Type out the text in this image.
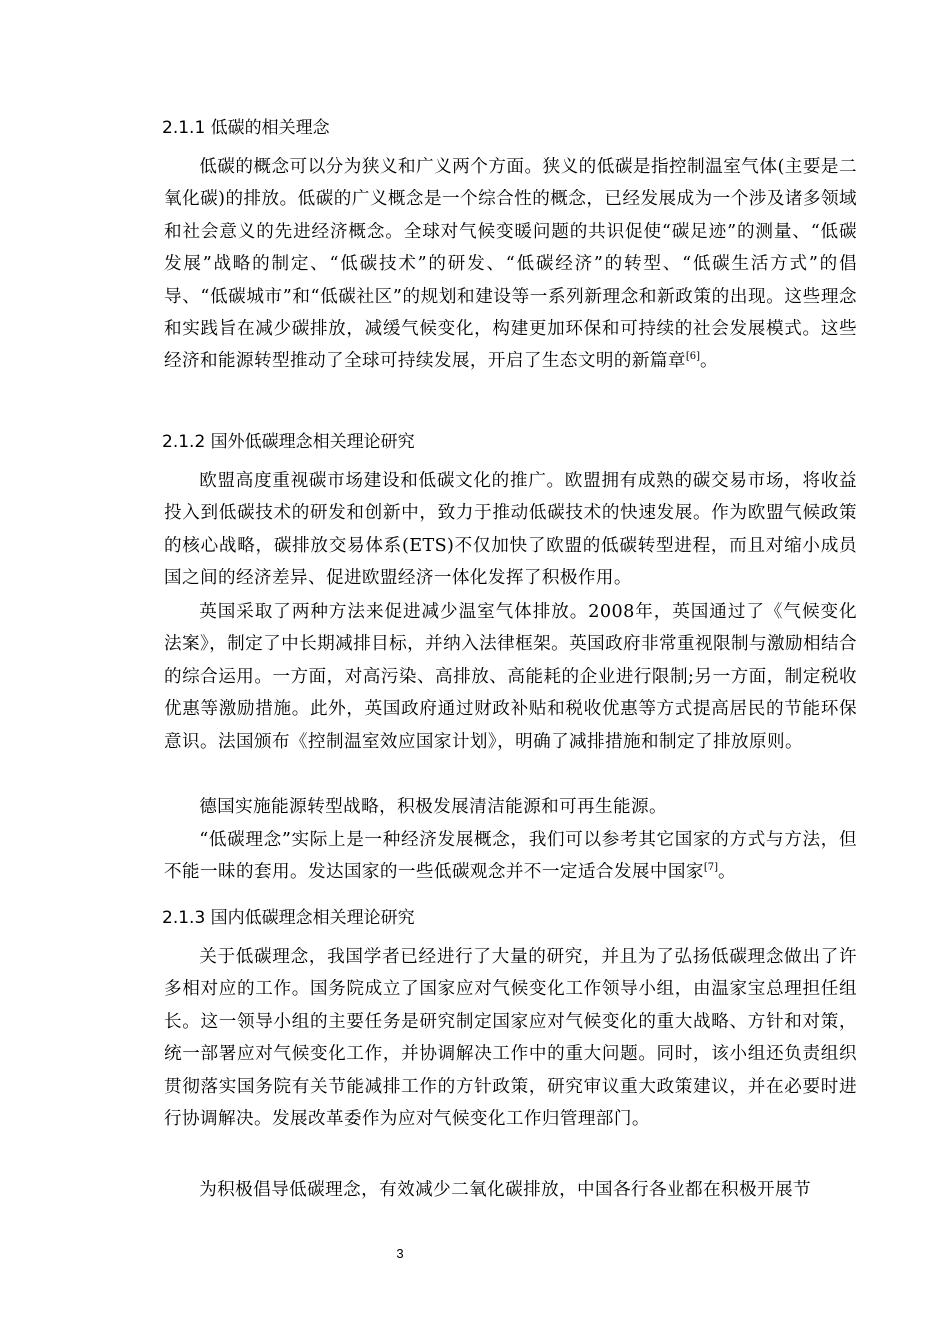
2.1.1 低碳的相关理念

低碳的概念可以分为狭义和广义两个方面。狭义的低碳是指控制温室气体(主要是二氧化碳)的排放。低碳的广义概念是一个综合性的概念，已经发展成为一个涉及诸多领域和社会意义的先进经济概念。全球对气候变暖问题的共识促使“碳足迹”的测量、“低碳发展”战略的制定、“低碳技术”的研发、“低碳经济”的转型、“低碳生活方式”的倡导、“低碳城市”和“低碳社区”的规划和建设等一系列新理念和新政策的出现。这些理念和实践旨在减少碳排放，减缓气候变化，构建更加环保和可持续的社会发展模式。这些经济和能源转型推动了全球可持续发展，开启了生态文明的新篇章[6]。

2.1.2 国外低碳理念相关理论研究

欧盟高度重视碳市场建设和低碳文化的推广。欧盟拥有成熟的碳交易市场，将收益投入到低碳技术的研发和创新中，致力于推动低碳技术的快速发展。作为欧盟气候政策的核心战略，碳排放交易体系(ETS)不仅加快了欧盟的低碳转型进程，而且对缩小成员国之间的经济差异、促进欧盟经济一体化发挥了积极作用。

英国采取了两种方法来促进减少温室气体排放。2008年，英国通过了《气候变化法案》，制定了中长期减排目标，并纳入法律框架。英国政府非常重视限制与激励相结合的综合运用。一方面，对高污染、高排放、高能耗的企业进行限制;另一方面，制定税收优惠等激励措施。此外，英国政府通过财政补贴和税收优惠等方式提高居民的节能环保意识。法国颁布《控制温室效应国家计划》，明确了减排措施和制定了排放原则。

德国实施能源转型战略，积极发展清洁能源和可再生能源。

“低碳理念”实际上是一种经济发展概念，我们可以参考其它国家的方式与方法，但不能一昧的套用。发达国家的一些低碳观念并不一定适合发展中国家[7]。

2.1.3 国内低碳理念相关理论研究

关于低碳理念，我国学者已经进行了大量的研究，并且为了弘扬低碳理念做出了许多相对应的工作。国务院成立了国家应对气候变化工作领导小组，由温家宝总理担任组长。这一领导小组的主要任务是研究制定国家应对气候变化的重大战略、方针和对策，统一部署应对气候变化工作，并协调解决工作中的重大问题。同时，该小组还负责组织贯彻落实国务院有关节能减排工作的方针政策，研究审议重大政策建议，并在必要时进行协调解决。发展改革委作为应对气候变化工作归管理部门。

为积极倡导低碳理念，有效减少二氧化碳排放，中国各行各业都在积极开展节

3
